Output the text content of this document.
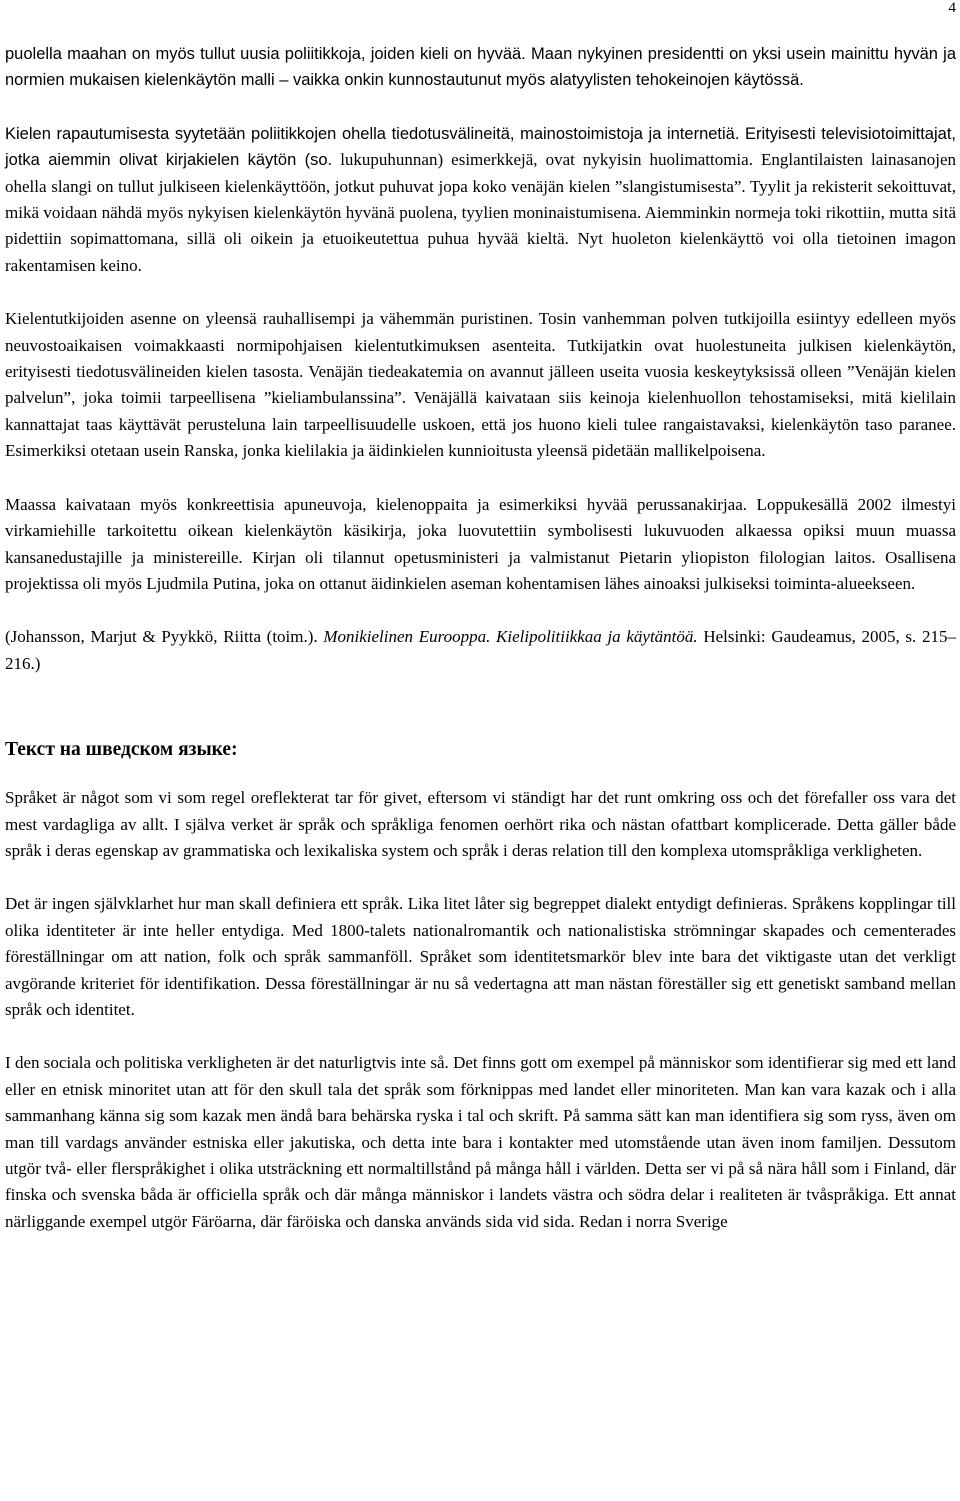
4

puolella maahan on myös tullut uusia poliitikkoja, joiden kieli on hyvää. Maan nykyinen presidentti on yksi usein mainittu hyvän ja normien mukaisen kielenkäytön malli – vaikka onkin kunnostautunut myös alatyylisten tehokeinojen käytössä.

Kielen rapautumisesta syytetään poliitikkojen ohella tiedotusvälineitä, mainostoimistoja ja internetiä. Erityisesti televisiotoimittajat, jotka aiemmin olivat kirjakielen käytön (so. lukupuhunnan) esimerkkejä, ovat nykyisin huolimattomia. Englantilaisten lainasanojen ohella slangi on tullut julkiseen kielenkäyttöön, jotkut puhuvat jopa koko venäjän kielen ”slangistumisesta”. Tyylit ja rekisterit sekoittuvat, mikä voidaan nähdä myös nykyisen kielenkäytön hyvänä puolena, tyylien moninaistumisena. Aiemminkin normeja toki rikottiin, mutta sitä pidettiin sopimattomana, sillä oli oikein ja etuoikeutettua puhua hyvää kieltä. Nyt huoleton kielenkäyttö voi olla tietoinen imagon rakentamisen keino.

Kielentutkijoiden asenne on yleensä rauhallisempi ja vähemmän puristinen. Tosin vanhemman polven tutkijoilla esiintyy edelleen myös neuvostoaikaisen voimakkaasti normipohjaisen kielentutkimuksen asenteita. Tutkijatkin ovat huolestuneita julkisen kielenkäytön, erityisesti tiedotusvälineiden kielen tasosta. Venäjän tiedeakatemia on avannut jälleen useita vuosia keskeytyksissä olleen ”Venäjän kielen palvelun”, joka toimii tarpeellisena ”kieliambulanssina”. Venäjällä kaivataan siis keinoja kielenhuollon tehostamiseksi, mitä kielilain kannattajat taas käyttävät perusteluna lain tarpeellisuudelle uskoen, että jos huono kieli tulee rangaistavaksi, kielenkäytön taso paranee. Esimerkiksi otetaan usein Ranska, jonka kielilakia ja äidinkielen kunnioitusta yleensä pidetään mallikelpoisena.

Maassa kaivataan myös konkreettisia apuneuvoja, kielenoppaita ja esimerkiksi hyvää perussanakirjaa. Loppukesällä 2002 ilmestyi virkamiehille tarkoitettu oikean kielenkäytön käsikirja, joka luovutettiin symbolisesti lukuvuoden alkaessa opiksi muun muassa kansanedustajille ja ministereille. Kirjan oli tilannut opetusministeri ja valmistanut Pietarin yliopiston filologian laitos. Osallisena projektissa oli myös Ljudmila Putina, joka on ottanut äidinkielen aseman kohentamisen lähes ainoaksi julkiseksi toiminta-alueekseen.

(Johansson, Marjut & Pyykkö, Riitta (toim.). Monikielinen Eurooppa. Kielipolitiikkaa ja käytäntöä. Helsinki: Gaudeamus, 2005, s. 215–216.)

Текст на шведском языке:

Språket är något som vi som regel oreflekterat tar för givet, eftersom vi ständigt har det runt omkring oss och det förefaller oss vara det mest vardagliga av allt. I själva verket är språk och språkliga fenomen oerhört rika och nästan ofattbart komplicerade. Detta gäller både språk i deras egenskap av grammatiska och lexikaliska system och språk i deras relation till den komplexa utomspråkliga verkligheten.

Det är ingen självklarhet hur man skall definiera ett språk. Lika litet låter sig begreppet dialekt entydigt definieras. Språkens kopplingar till olika identiteter är inte heller entydiga. Med 1800-talets nationalromantik och nationalistiska strömningar skapades och cementerades föreställningar om att nation, folk och språk sammanföll. Språket som identitetsmarkör blev inte bara det viktigaste utan det verkligt avgörande kriteriet för identifikation. Dessa föreställningar är nu så vedertagna att man nästan föreställer sig ett genetiskt samband mellan språk och identitet.

I den sociala och politiska verkligheten är det naturligtvis inte så. Det finns gott om exempel på människor som identifierar sig med ett land eller en etnisk minoritet utan att för den skull tala det språk som förknippas med landet eller minoriteten. Man kan vara kazak och i alla sammanhang känna sig som kazak men ändå bara behärska ryska i tal och skrift. På samma sätt kan man identifiera sig som ryss, även om man till vardags använder estniska eller jakutiska, och detta inte bara i kontakter med utomstående utan även inom familjen. Dessutom utgör två- eller flerspråkighet i olika utsträckning ett normaltillstånd på många håll i världen. Detta ser vi på så nära håll som i Finland, där finska och svenska båda är officiella språk och där många människor i landets västra och södra delar i realiteten är tvåspråkiga. Ett annat närliggande exempel utgör Färöarna, där färöiska och danska används sida vid sida. Redan i norra Sverige
